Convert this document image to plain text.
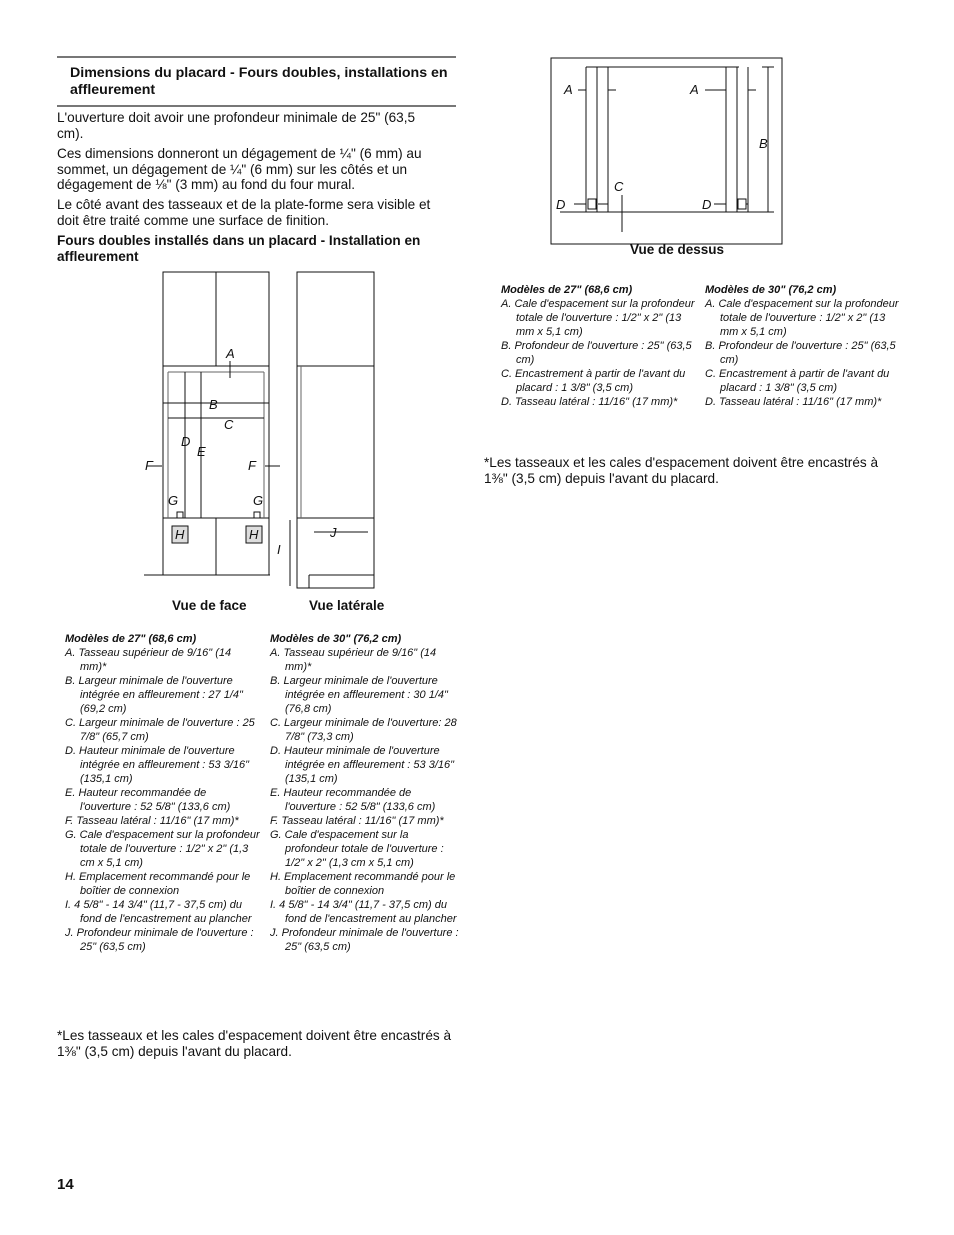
Dimensions du placard - Fours doubles, installations en affleurement
L'ouverture doit avoir une profondeur minimale de 25" (63,5 cm).
Ces dimensions donneront un dégagement de ¼" (6 mm) au sommet, un dégagement de ¼" (6 mm) sur les côtés et un dégagement de ⅛" (3 mm) au fond du four mural.
Le côté avant des tasseaux et de la plate-forme sera visible et doit être traité comme une surface de finition.
Fours doubles installés dans un placard - Installation en affleurement
A
B
C
D
E
F	F
G	G
H	H
I
J
Vue de face	Vue latérale
Modèles de 27" (68,6 cm)
A. Tasseau supérieur de 9/16" (14 mm)*
B. Largeur minimale de l'ouverture intégrée en affleurement : 27 1/4" (69,2 cm)
C. Largeur minimale de l'ouverture : 25 7/8" (65,7 cm)
D. Hauteur minimale de l'ouverture intégrée en affleurement : 53 3/16" (135,1 cm)
E. Hauteur recommandée de l'ouverture : 52 5/8" (133,6 cm)
F. Tasseau latéral : 11/16" (17 mm)*
G. Cale d'espacement sur la profondeur totale de l'ouverture : 1/2" x 2" (1,3 cm x 5,1 cm)
H. Emplacement recommandé pour le boîtier de connexion
I. 4 5/8" - 14 3/4" (11,7 - 37,5 cm) du fond de l'encastrement au plancher
J. Profondeur minimale de l'ouverture : 25" (63,5 cm)
Modèles de 30" (76,2 cm)
A. Tasseau supérieur de 9/16" (14 mm)*
B. Largeur minimale de l'ouverture intégrée en affleurement : 30 1/4" (76,8 cm)
C. Largeur minimale de l'ouverture: 28 7/8" (73,3 cm)
D. Hauteur minimale de l'ouverture intégrée en affleurement : 53 3/16" (135,1 cm)
E. Hauteur recommandée de l'ouverture : 52 5/8" (133,6 cm)
F. Tasseau latéral : 11/16" (17 mm)*
G. Cale d'espacement sur la profondeur totale de l'ouverture : 1/2" x 2" (1,3 cm x 5,1 cm)
H. Emplacement recommandé pour le boîtier de connexion
I. 4 5/8" - 14 3/4" (11,7 - 37,5 cm) du fond de l'encastrement au plancher
J. Profondeur minimale de l'ouverture : 25" (63,5 cm)
*Les tasseaux et les cales d'espacement doivent être encastrés à 1⅜" (3,5 cm) depuis l'avant du placard.
A	A
B
C
D	D
Vue de dessus
Modèles de 27" (68,6 cm)
A. Cale d'espacement sur la profondeur totale de l'ouverture : 1/2" x 2" (13 mm x 5,1 cm)
B. Profondeur de l'ouverture : 25" (63,5 cm)
C. Encastrement à partir de l'avant du placard : 1 3/8" (3,5 cm)
D. Tasseau latéral : 11/16" (17 mm)*
Modèles de 30" (76,2 cm)
A. Cale d'espacement sur la profondeur totale de l'ouverture : 1/2" x 2" (13 mm x 5,1 cm)
B. Profondeur de l'ouverture : 25" (63,5 cm)
C. Encastrement à partir de l'avant du placard : 1 3/8" (3,5 cm)
D. Tasseau latéral : 11/16" (17 mm)*
*Les tasseaux et les cales d'espacement doivent être encastrés à 1⅜" (3,5 cm) depuis l'avant du placard.
14
